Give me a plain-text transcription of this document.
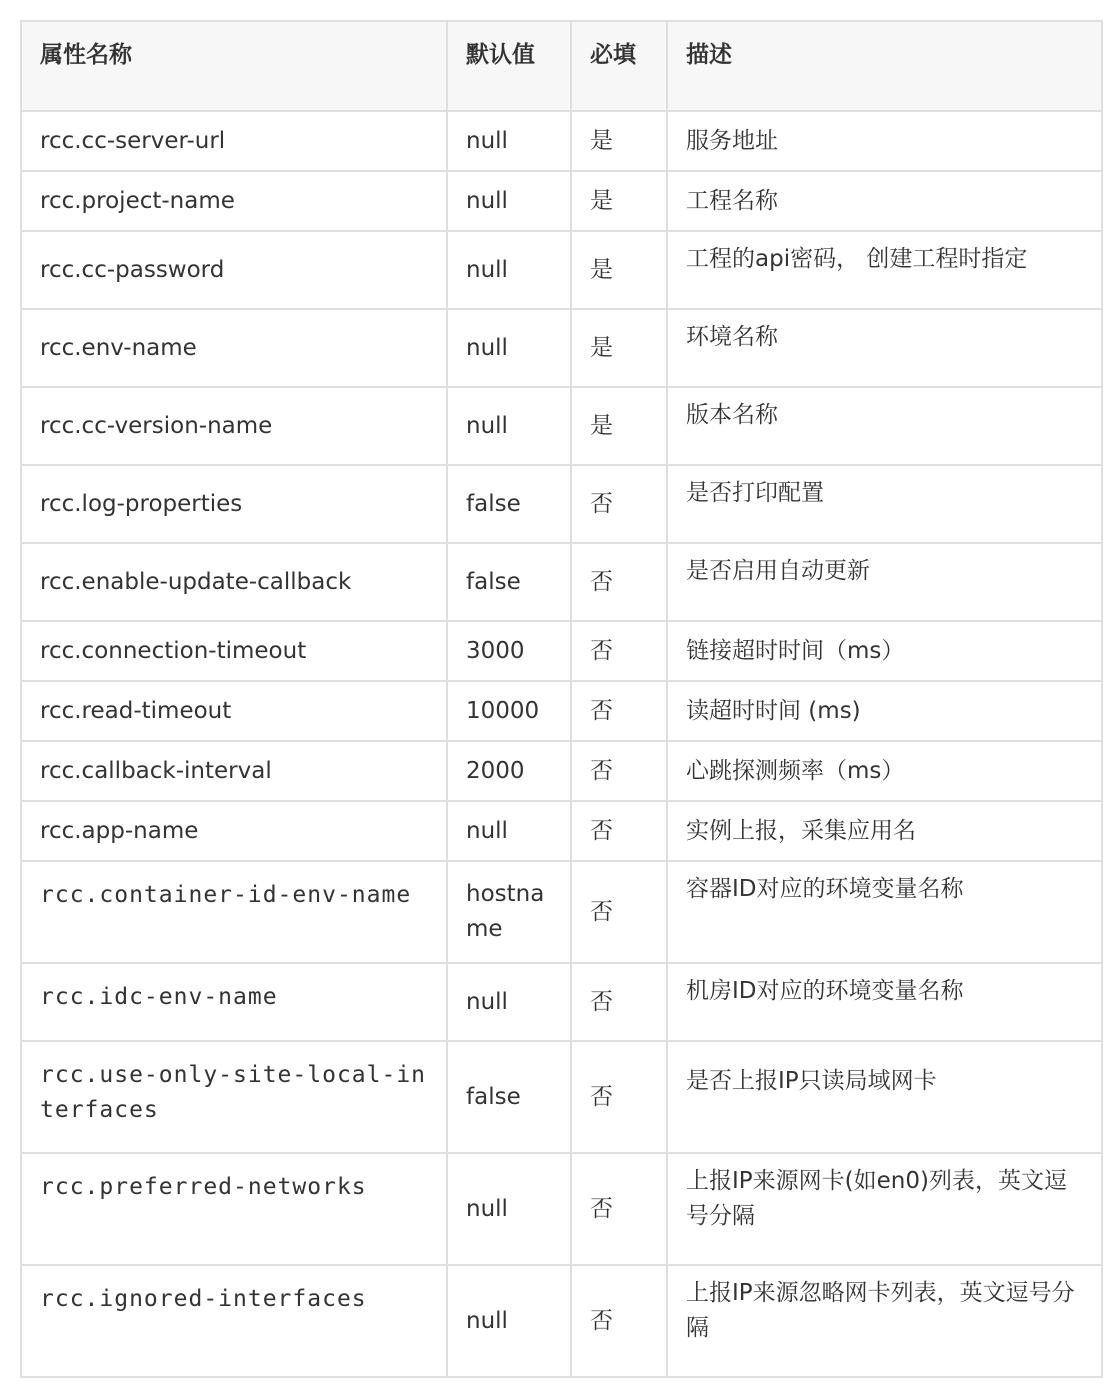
属性名称	默认值	必填	描述
rcc.cc-server-url	null	是	服务地址
rcc.project-name	null	是	工程名称
rcc.cc-password	null	是	工程的api密码， 创建工程时指定
rcc.env-name	null	是	环境名称
rcc.cc-version-name	null	是	版本名称
rcc.log-properties	false	否	是否打印配置
rcc.enable-update-callback	false	否	是否启用自动更新
rcc.connection-timeout	3000	否	链接超时时间（ms）
rcc.read-timeout	10000	否	读超时时间 (ms)
rcc.callback-interval	2000	否	心跳探测频率（ms）
rcc.app-name	null	否	实例上报，采集应用名
rcc.container-id-env-name	hostname	否	容器ID对应的环境变量名称
rcc.idc-env-name	null	否	机房ID对应的环境变量名称
rcc.use-only-site-local-interfaces	false	否	是否上报IP只读局域网卡
rcc.preferred-networks	null	否	上报IP来源网卡(如en0)列表，英文逗号分隔
rcc.ignored-interfaces	null	否	上报IP来源忽略网卡列表，英文逗号分隔
